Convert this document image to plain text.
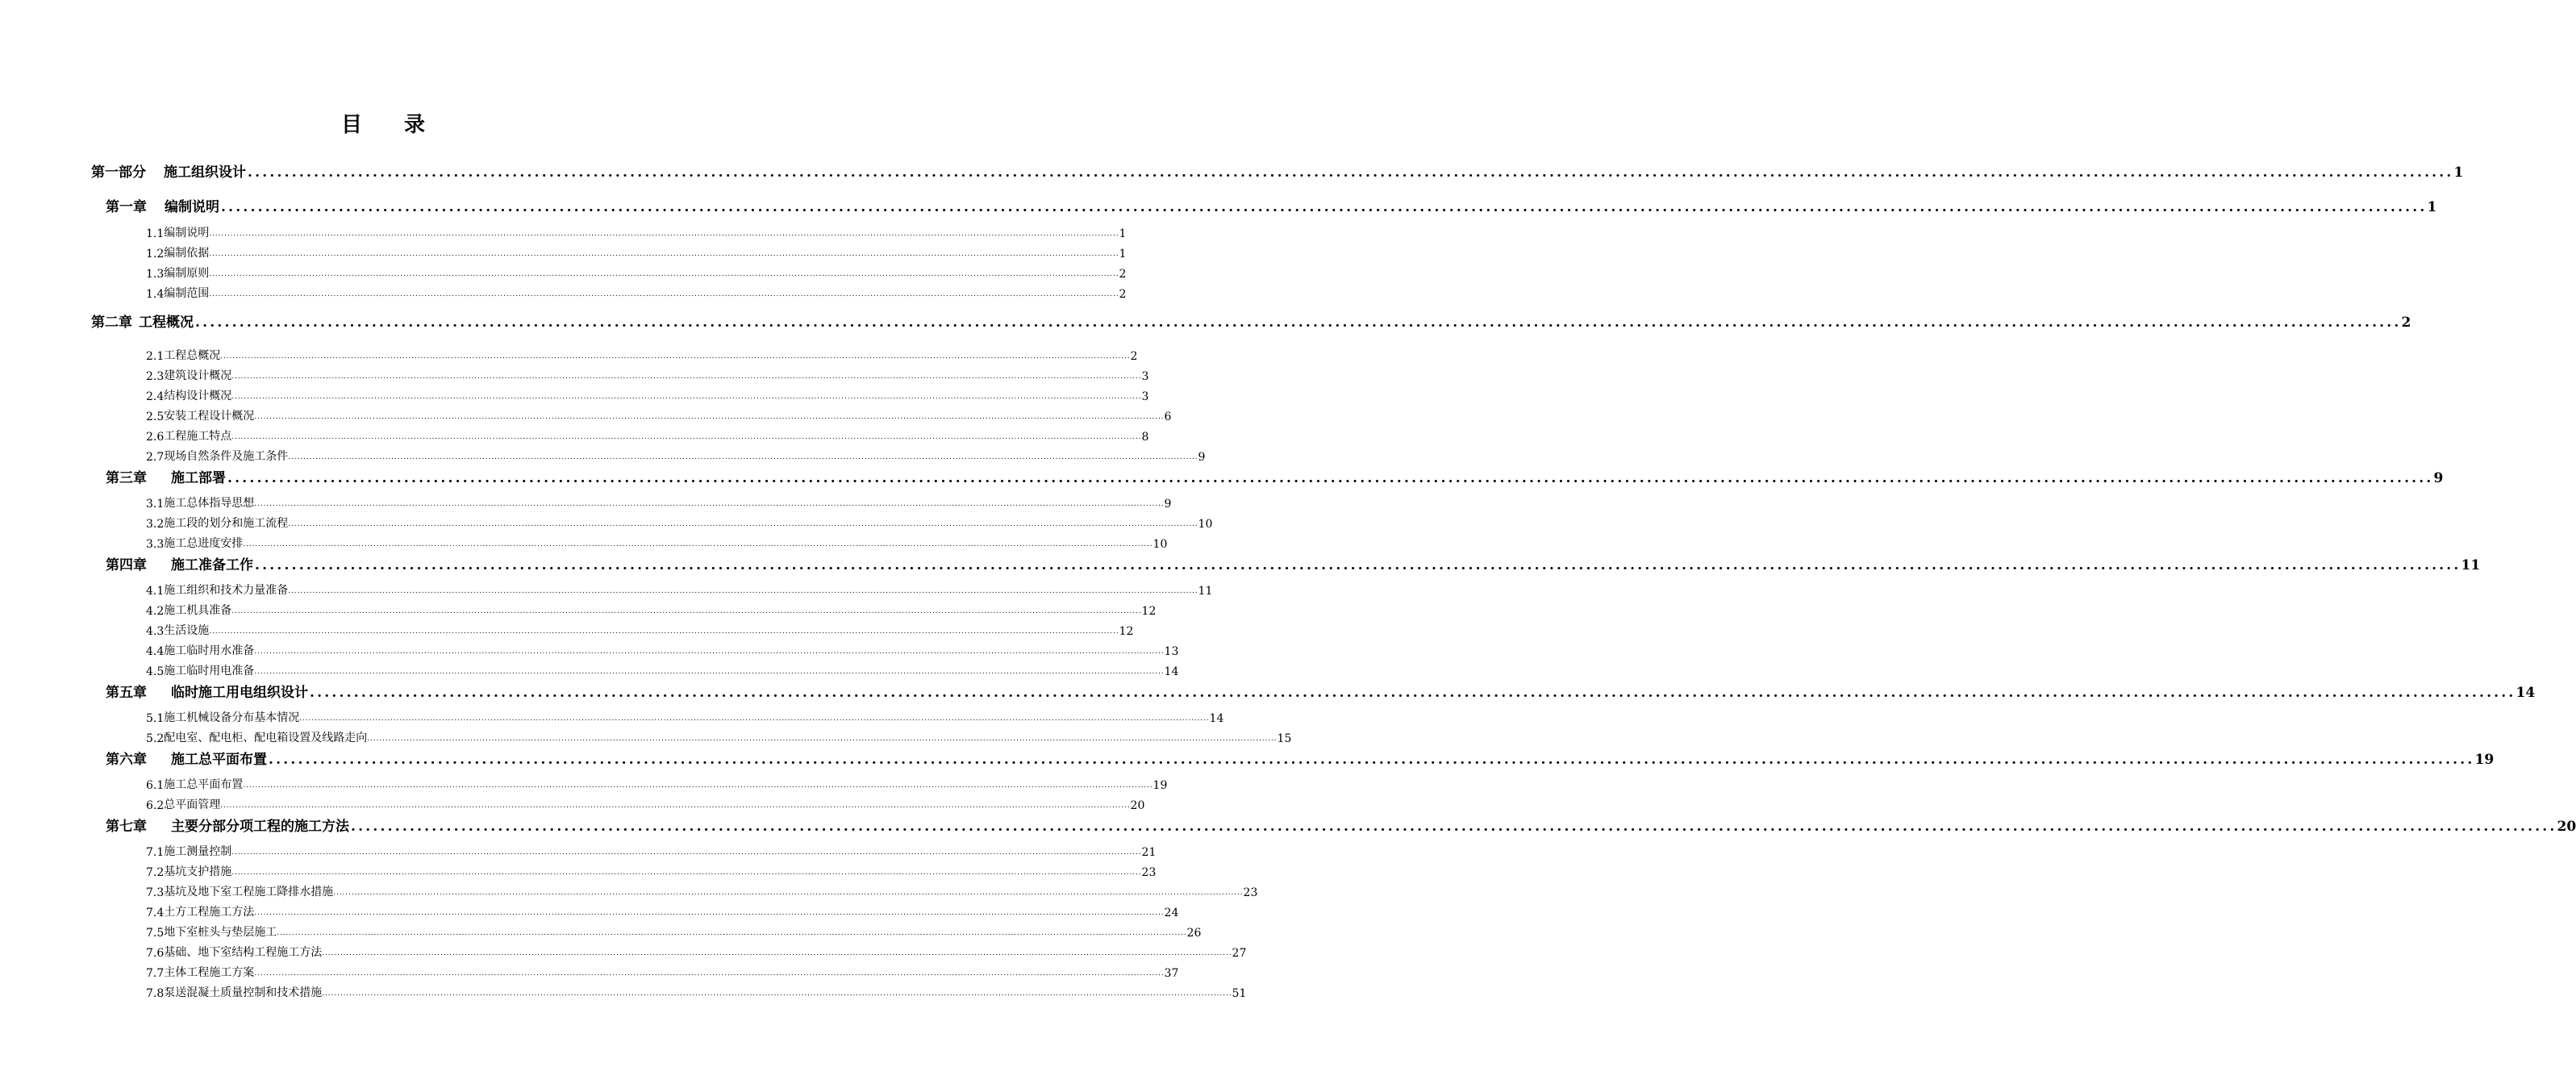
目 录
第一部分 施工组织设计 ............................................................................................................................................................................................................................................................................................................ 1
第一章 编制说明 ............................................................................................................................................................................................................................................................................................................ 1
1.1 编制说明 ............................................................................................................................................................................................................................................................................................................ 1
1.2 编制依据 ............................................................................................................................................................................................................................................................................................................ 1
1.3 编制原则 ............................................................................................................................................................................................................................................................................................................ 2
1.4 编制范围 ............................................................................................................................................................................................................................................................................................................ 2
第二章 工程概况 ............................................................................................................................................................................................................................................................................................................ 2
2.1 工程总概况 ............................................................................................................................................................................................................................................................................................................ 2
2.3 建筑设计概况 ............................................................................................................................................................................................................................................................................................................ 3
2.4 结构设计概况 ............................................................................................................................................................................................................................................................................................................ 3
2.5 安装工程设计概况 ............................................................................................................................................................................................................................................................................................................ 6
2.6 工程施工特点 ............................................................................................................................................................................................................................................................................................................ 8
2.7 现场自然条件及施工条件 ............................................................................................................................................................................................................................................................................................................ 9
第三章 施工部署 ............................................................................................................................................................................................................................................................................................................ 9
3.1 施工总体指导思想 ............................................................................................................................................................................................................................................................................................................ 9
3.2 施工段的划分和施工流程 ............................................................................................................................................................................................................................................................................................................ 10
3.3 施工总进度安排 ............................................................................................................................................................................................................................................................................................................ 10
第四章 施工准备工作 ............................................................................................................................................................................................................................................................................................................ 11
4.1 施工组织和技术力量准备 ............................................................................................................................................................................................................................................................................................................ 11
4.2 施工机具准备 ............................................................................................................................................................................................................................................................................................................ 12
4.3 生活设施 ............................................................................................................................................................................................................................................................................................................ 12
4.4 施工临时用水准备 ............................................................................................................................................................................................................................................................................................................ 13
4.5 施工临时用电准备 ............................................................................................................................................................................................................................................................................................................ 14
第五章 临时施工用电组织设计 ............................................................................................................................................................................................................................................................................................................ 14
5.1 施工机械设备分布基本情况 ............................................................................................................................................................................................................................................................................................................ 14
5.2 配电室、配电柜、配电箱设置及线路走向 ............................................................................................................................................................................................................................................................................................................ 15
第六章 施工总平面布置 ............................................................................................................................................................................................................................................................................................................ 19
6.1 施工总平面布置 ............................................................................................................................................................................................................................................................................................................ 19
6.2 总平面管理 ............................................................................................................................................................................................................................................................................................................ 20
第七章 主要分部分项工程的施工方法 ............................................................................................................................................................................................................................................................................................................ 20
7.1 施工测量控制 ............................................................................................................................................................................................................................................................................................................ 21
7.2 基坑支护措施 ............................................................................................................................................................................................................................................................................................................ 23
7.3 基坑及地下室工程施工降排水措施 ............................................................................................................................................................................................................................................................................................................ 23
7.4 土方工程施工方法 ............................................................................................................................................................................................................................................................................................................ 24
7.5 地下室桩头与垫层施工 ............................................................................................................................................................................................................................................................................................................ 26
7.6 基础、地下室结构工程施工方法 ............................................................................................................................................................................................................................................................................................................ 27
7.7 主体工程施工方案 ............................................................................................................................................................................................................................................................................................................ 37
7.8 泵送混凝土质量控制和技术措施 ............................................................................................................................................................................................................................................................................................................ 51
